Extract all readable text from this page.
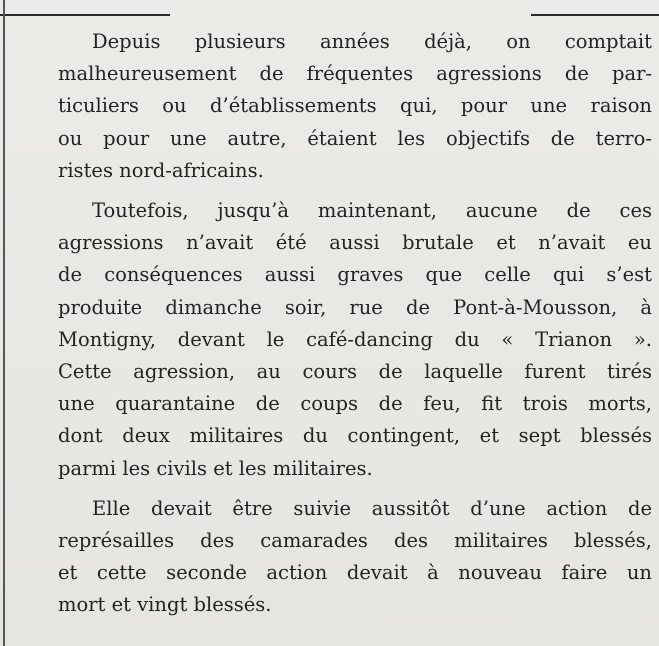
Depuis plusieurs années déjà, on comptait
malheureusement de fréquentes agressions de par-
ticuliers ou d’établissements qui, pour une raison
ou pour une autre, étaient les objectifs de terro-
ristes nord-africains.

Toutefois, jusqu’à maintenant, aucune de ces
agressions n’avait été aussi brutale et n’avait eu
de conséquences aussi graves que celle qui s’est
produite dimanche soir, rue de Pont-à-Mousson, à
Montigny, devant le café-dancing du « Trianon ».
Cette agression, au cours de laquelle furent tirés
une quarantaine de coups de feu, fit trois morts,
dont deux militaires du contingent, et sept blessés
parmi les civils et les militaires.

Elle devait être suivie aussitôt d’une action de
représailles des camarades des militaires blessés,
et cette seconde action devait à nouveau faire un
mort et vingt blessés.
